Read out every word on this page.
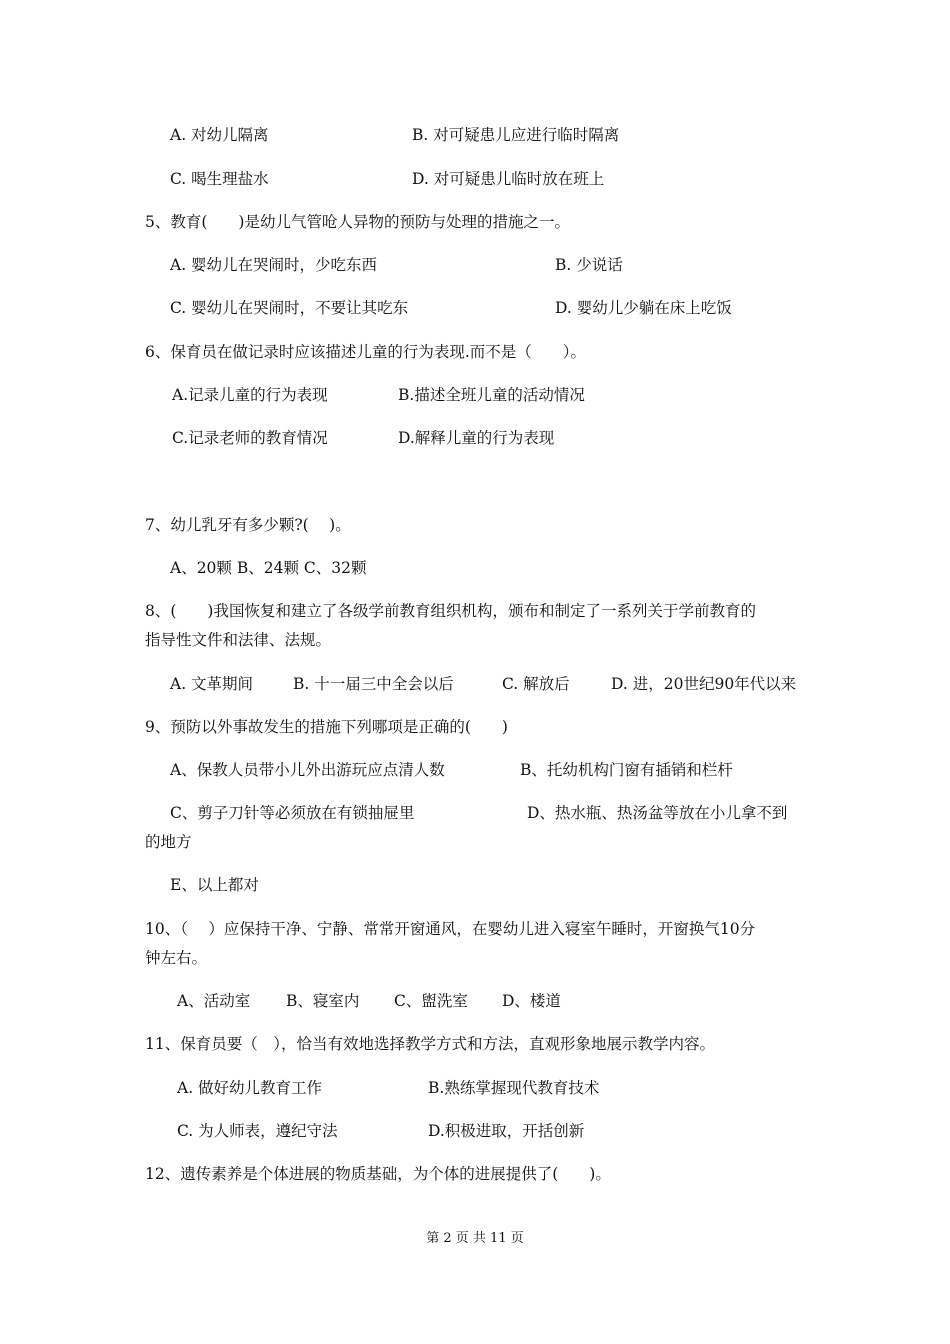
A. 对幼儿隔离	B. 对可疑患儿应进行临时隔离
C. 喝生理盐水	D. 对可疑患儿临时放在班上
5、教育(　　)是幼儿气管呛人异物的预防与处理的措施之一。
A. 婴幼儿在哭闹时，少吃东西	B. 少说话
C. 婴幼儿在哭闹时，不要让其吃东	D. 婴幼儿少躺在床上吃饭
6、保育员在做记录时应该描述儿童的行为表现.而不是（　　）。
A.记录儿童的行为表现	B.描述全班儿童的活动情况
C.记录老师的教育情况	D.解释儿童的行为表现
7、幼儿乳牙有多少颗?(　 )。
A、20颗 B、24颗 C、32颗
8、(　　)我国恢复和建立了各级学前教育组织机构，颁布和制定了一系列关于学前教育的
指导性文件和法律、法规。
A. 文革期间	B. 十一届三中全会以后	C. 解放后	D. 进，20世纪90年代以来
9、预防以外事故发生的措施下列哪项是正确的(　　)
A、保教人员带小儿外出游玩应点清人数	B、托幼机构门窗有插销和栏杆
C、剪子刀针等必须放在有锁抽屉里	D、热水瓶、热汤盆等放在小儿拿不到
的地方
E、以上都对
10、（　 ）应保持干净、宁静、常常开窗通风，在婴幼儿进入寝室午睡时，开窗换气10分
钟左右。
A、活动室 B、寝室内 C、盥洗室 D、楼道
11、保育员要（　），恰当有效地选择教学方式和方法，直观形象地展示教学内容。
A. 做好幼儿教育工作	B.熟练掌握现代教育技术
C. 为人师表，遵纪守法	D.积极进取，开括创新
12、遗传素养是个体进展的物质基础，为个体的进展提供了(　　)。
第 2 页 共 11 页
